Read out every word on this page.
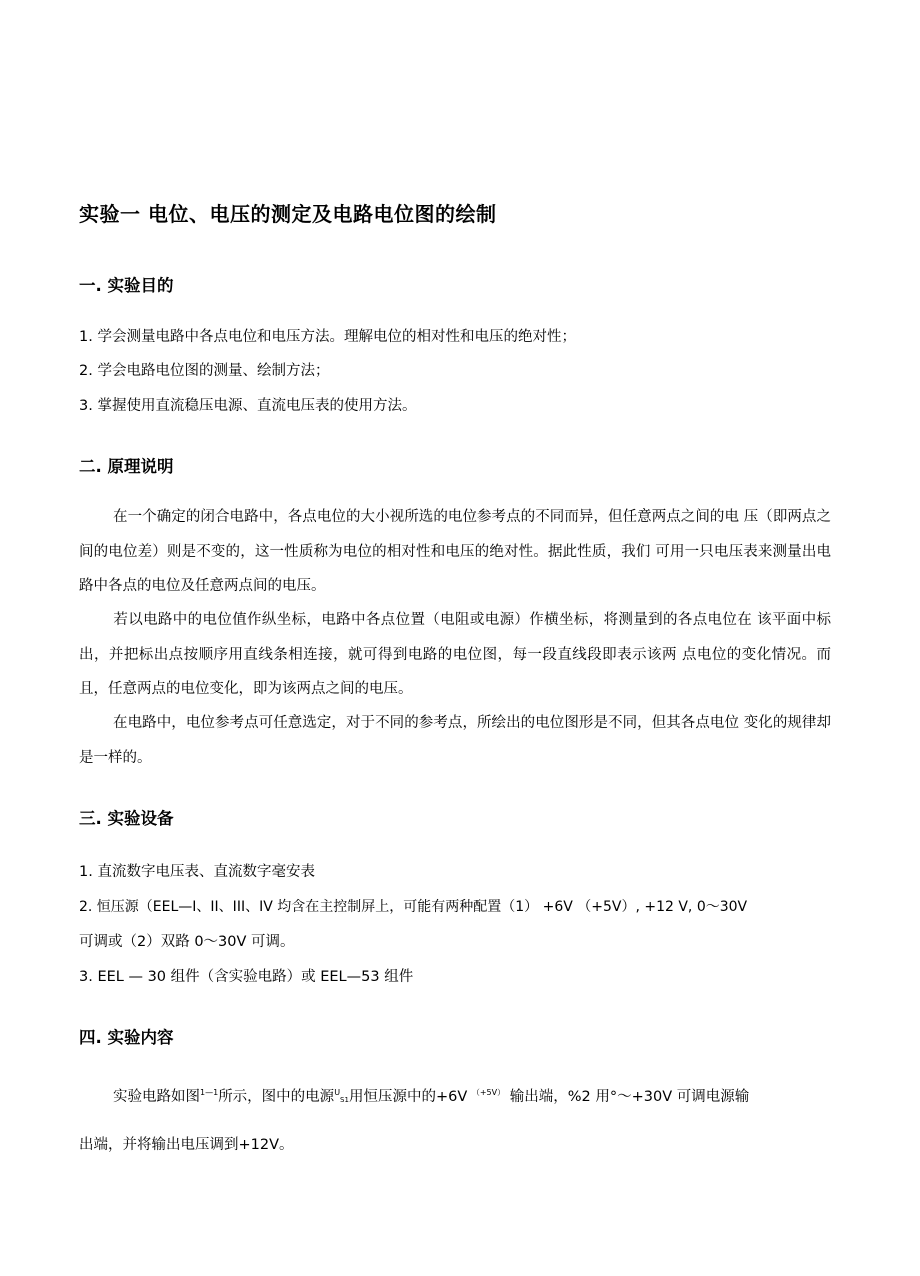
实验一 电位、电压的测定及电路电位图的绘制
一. 实验目的
1. 学会测量电路中各点电位和电压方法。理解电位的相对性和电压的绝对性；
2. 学会电路电位图的测量、绘制方法；
3. 掌握使用直流稳压电源、直流电压表的使用方法。
二. 原理说明
在一个确定的闭合电路中，各点电位的大小视所选的电位参考点的不同而异，但任意两点之间的电 压（即两点之间的电位差）则是不变的，这一性质称为电位的相对性和电压的绝对性。据此性质，我们 可用一只电压表来测量出电路中各点的电位及任意两点间的电压。
若以电路中的电位值作纵坐标，电路中各点位置（电阻或电源）作横坐标，将测量到的各点电位在 该平面中标出，并把标出点按顺序用直线条相连接，就可得到电路的电位图，每一段直线段即表示该两 点电位的变化情况。而且，任意两点的电位变化，即为该两点之间的电压。
在电路中，电位参考点可任意选定，对于不同的参考点，所绘出的电位图形是不同，但其各点电位 变化的规律却是一样的。
三. 实验设备
1. 直流数字电压表、直流数字毫安表
2. 恒压源（EEL—I、II、III、IV 均含在主控制屏上，可能有两种配置（1） +6V （+5V）, +12 V, 0～30V
可调或（2）双路 0～30V 可调。
3. EEL — 30 组件（含实验电路）或 EEL—53 组件
四. 实验内容
实验电路如图$^{1—1}$所示，图中的电源$^U$S1用恒压源中的+6V $^{(+5V)}$ 输出端，%2 用°～+30V 可调电源输
出端，并将输出电压调到+12V。
